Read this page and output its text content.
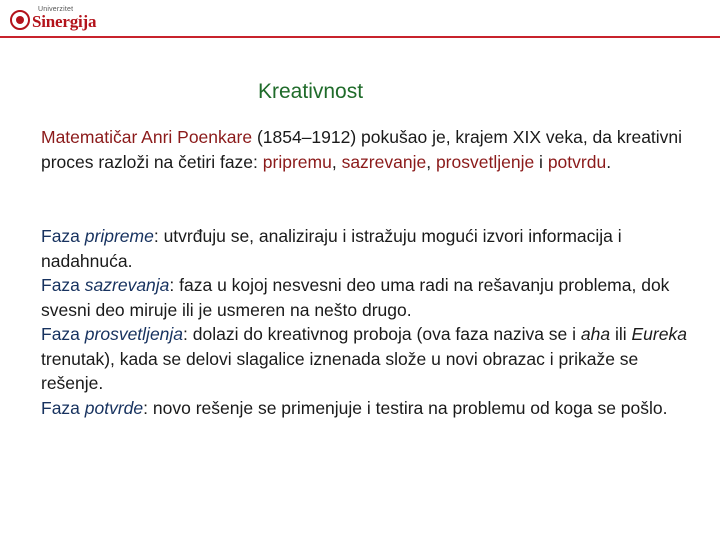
Univerzitet
Sinergija
Kreativnost
Matematičar Anri Poenkare (1854–1912) pokušao je, krajem XIX veka, da kreativni proces razloži na četiri faze: pripremu, sazrevanje, prosvetljenje i potvrdu.

Faza pripreme: utvrđuju se, analiziraju i istražuju mogući izvori informacija i nadahnuća.

Faza sazrevanja: faza u kojoj nesvesni deo uma radi na rešavanju problema, dok svesni deo miruje ili je usmeren na nešto drugo.

Faza prosvetljenja: dolazi do kreativnog proboja (ova faza naziva se i aha ili Eureka trenutak), kada se delovi slagalice iznenada slože u novi obrazac i prikaže se rešenje.

Faza potvrde: novo rešenje se primenjuje i testira na problemu od koga se pošlo.
